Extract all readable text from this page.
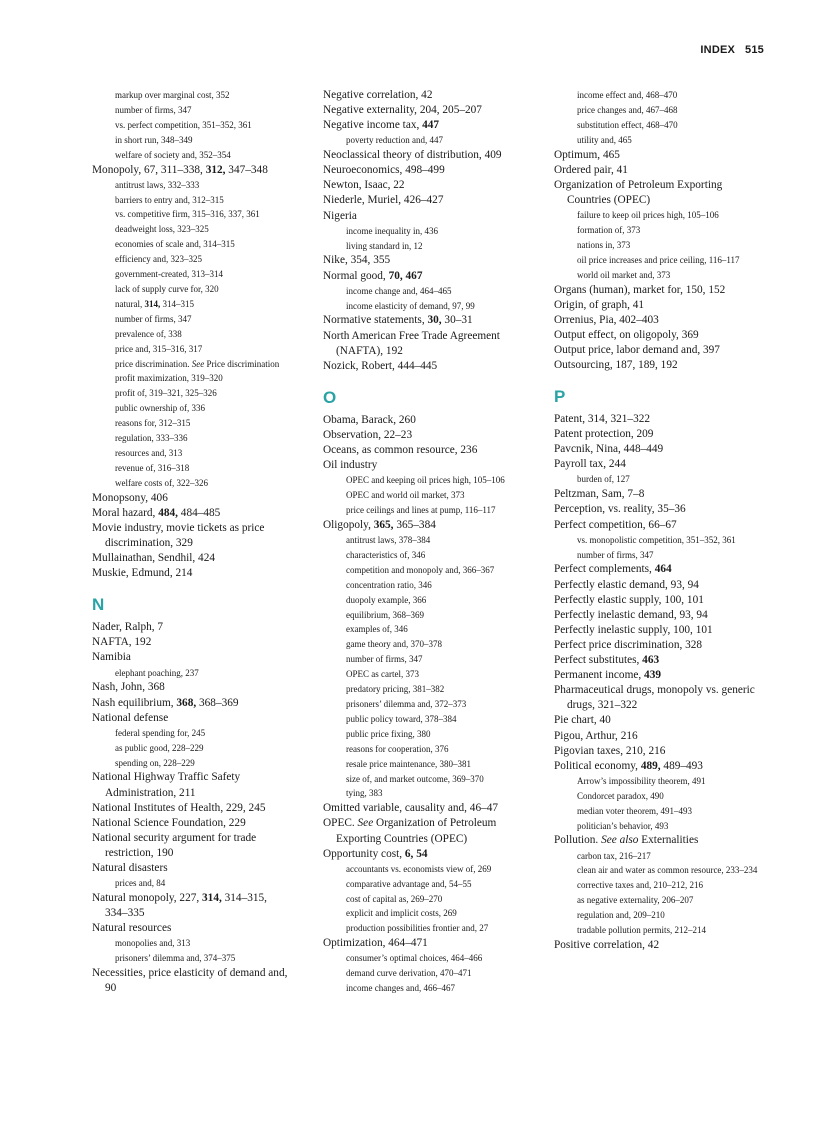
INDEX 515
markup over marginal cost, 352
number of firms, 347
vs. perfect competition, 351–352, 361
in short run, 348–349
welfare of society and, 352–354
Monopoly, 67, 311–338, 312, 347–348
antitrust laws, 332–333
barriers to entry and, 312–315
vs. competitive firm, 315–316, 337, 361
deadweight loss, 323–325
economies of scale and, 314–315
efficiency and, 323–325
government-created, 313–314
lack of supply curve for, 320
natural, 314, 314–315
number of firms, 347
prevalence of, 338
price and, 315–316, 317
price discrimination. See Price discrimination
profit maximization, 319–320
profit of, 319–321, 325–326
public ownership of, 336
reasons for, 312–315
regulation, 333–336
resources and, 313
revenue of, 316–318
welfare costs of, 322–326
Monopsony, 406
Moral hazard, 484, 484–485
Movie industry, movie tickets as price discrimination, 329
Mullainathan, Sendhil, 424
Muskie, Edmund, 214
N
Nader, Ralph, 7
NAFTA, 192
Namibia
elephant poaching, 237
Nash, John, 368
Nash equilibrium, 368, 368–369
National defense
federal spending for, 245
as public good, 228–229
spending on, 228–229
National Highway Traffic Safety Administration, 211
National Institutes of Health, 229, 245
National Science Foundation, 229
National security argument for trade restriction, 190
Natural disasters
prices and, 84
Natural monopoly, 227, 314, 314–315, 334–335
Natural resources
monopolies and, 313
prisoners’ dilemma and, 374–375
Necessities, price elasticity of demand and, 90
Negative correlation, 42
Negative externality, 204, 205–207
Negative income tax, 447
poverty reduction and, 447
Neoclassical theory of distribution, 409
Neuroeconomics, 498–499
Newton, Isaac, 22
Niederle, Muriel, 426–427
Nigeria
income inequality in, 436
living standard in, 12
Nike, 354, 355
Normal good, 70, 467
income change and, 464–465
income elasticity of demand, 97, 99
Normative statements, 30, 30–31
North American Free Trade Agreement (NAFTA), 192
Nozick, Robert, 444–445
O
Obama, Barack, 260
Observation, 22–23
Oceans, as common resource, 236
Oil industry
OPEC and keeping oil prices high, 105–106
OPEC and world oil market, 373
price ceilings and lines at pump, 116–117
Oligopoly, 365, 365–384
antitrust laws, 378–384
characteristics of, 346
competition and monopoly and, 366–367
concentration ratio, 346
duopoly example, 366
equilibrium, 368–369
examples of, 346
game theory and, 370–378
number of firms, 347
OPEC as cartel, 373
predatory pricing, 381–382
prisoners’ dilemma and, 372–373
public policy toward, 378–384
public price fixing, 380
reasons for cooperation, 376
resale price maintenance, 380–381
size of, and market outcome, 369–370
tying, 383
Omitted variable, causality and, 46–47
OPEC. See Organization of Petroleum Exporting Countries (OPEC)
Opportunity cost, 6, 54
accountants vs. economists view of, 269
comparative advantage and, 54–55
cost of capital as, 269–270
explicit and implicit costs, 269
production possibilities frontier and, 27
Optimization, 464–471
consumer’s optimal choices, 464–466
demand curve derivation, 470–471
income changes and, 466–467
income effect and, 468–470
price changes and, 467–468
substitution effect, 468–470
utility and, 465
Optimum, 465
Ordered pair, 41
Organization of Petroleum Exporting Countries (OPEC)
failure to keep oil prices high, 105–106
formation of, 373
nations in, 373
oil price increases and price ceiling, 116–117
world oil market and, 373
Organs (human), market for, 150, 152
Origin, of graph, 41
Orrenius, Pia, 402–403
Output effect, on oligopoly, 369
Output price, labor demand and, 397
Outsourcing, 187, 189, 192
P
Patent, 314, 321–322
Patent protection, 209
Pavcnik, Nina, 448–449
Payroll tax, 244
burden of, 127
Peltzman, Sam, 7–8
Perception, vs. reality, 35–36
Perfect competition, 66–67
vs. monopolistic competition, 351–352, 361
number of firms, 347
Perfect complements, 464
Perfectly elastic demand, 93, 94
Perfectly elastic supply, 100, 101
Perfectly inelastic demand, 93, 94
Perfectly inelastic supply, 100, 101
Perfect price discrimination, 328
Perfect substitutes, 463
Permanent income, 439
Pharmaceutical drugs, monopoly vs. generic drugs, 321–322
Pie chart, 40
Pigou, Arthur, 216
Pigovian taxes, 210, 216
Political economy, 489, 489–493
Arrow’s impossibility theorem, 491
Condorcet paradox, 490
median voter theorem, 491–493
politician’s behavior, 493
Pollution. See also Externalities
carbon tax, 216–217
clean air and water as common resource, 233–234
corrective taxes and, 210–212, 216
as negative externality, 206–207
regulation and, 209–210
tradable pollution permits, 212–214
Positive correlation, 42
